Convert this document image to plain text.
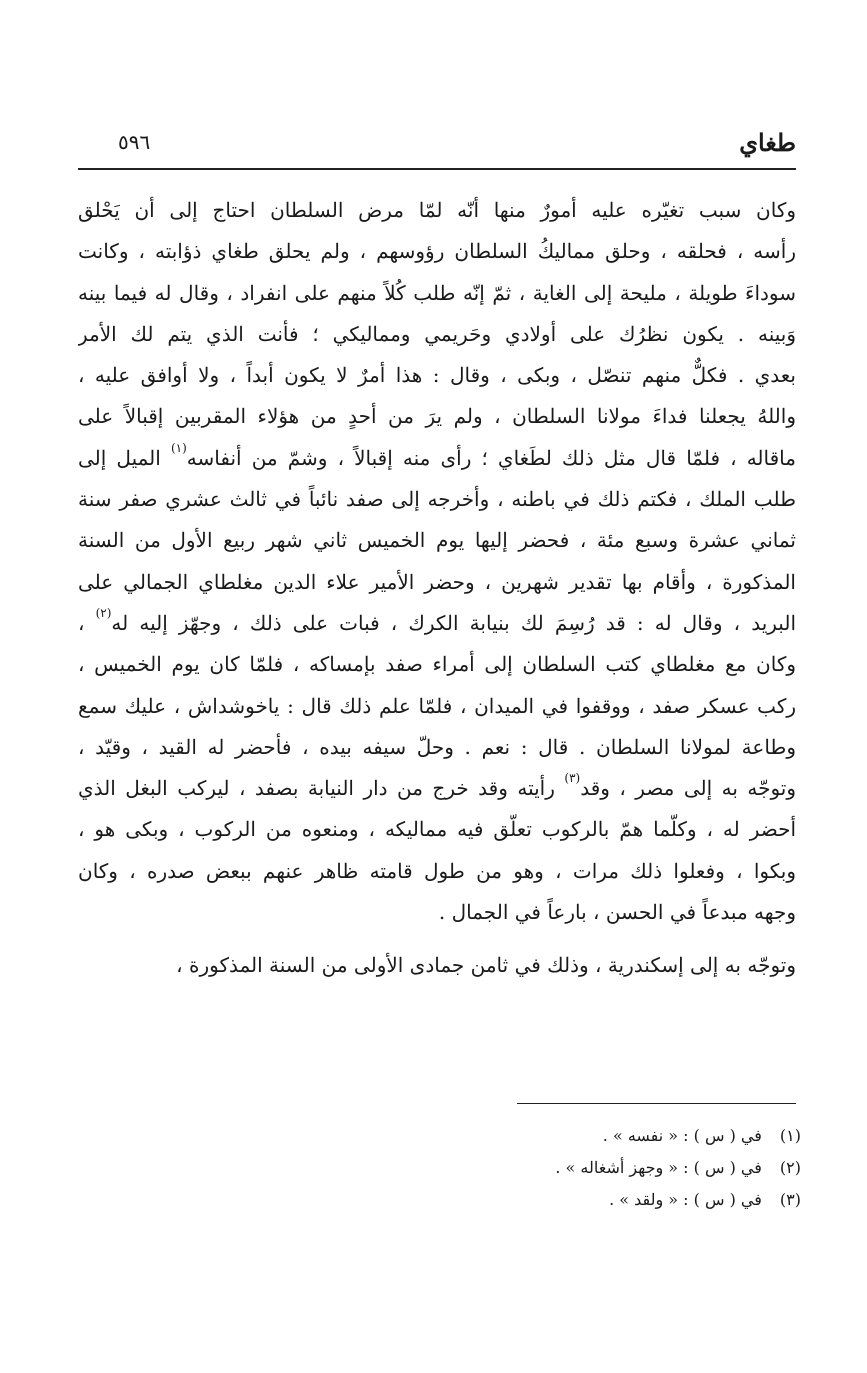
طغاي
٥٩٦
وكان سبب تغيّره عليه أمورٌ منها أنّه لمّا مرض السلطان احتاج إلى أن يَحْلق
رأسه ، فحلقه ، وحلق مماليكُ السلطان رؤوسهم ، ولم يحلق طغاي ذؤابته ، وكانت
سوداءَ طويلة ، مليحة إلى الغاية ، ثمّ إنّه طلب كُلاً منهم على انفراد ، وقال له فيما بينه
وَبينه . يكون نظرُك على أولادي وحَريمي ومماليكي ؛ فأنت الذي يتم لك الأمر
بعدي . فكلٌّ منهم تنصّل ، وبكى ، وقال : هذا أمرٌ لا يكون أبداً ، ولا أوافق عليه ،
واللهُ يجعلنا فداءَ مولانا السلطان ، ولم يرَ من أحدٍ من هؤلاء المقربين إقبالاً على
ماقاله ، فلمّا قال مثل ذلك لطَغاي ؛ رأى منه إقبالاً ، وشمّ من أنفاسه$^{(١)}$ الميل إلى
طلب الملك ، فكتم ذلك في باطنه ، وأخرجه إلى صفد نائباً في ثالث عشري صفر سنة
ثماني عشرة وسبع مئة ، فحضر إليها يوم الخميس ثاني شهر ربيع الأول من السنة
المذكورة ، وأقام بها تقدير شهرين ، وحضر الأمير علاء الدين مغلطاي الجمالي على
البريد ، وقال له : قد رُسِمَ لك بنيابة الكرك ، فبات على ذلك ، وجهّز إليه له$^{(٢)}$ ،
وكان مع مغلطاي كتب السلطان إلى أمراء صفد بإمساكه ، فلمّا كان يوم الخميس ،
ركب عسكر صفد ، ووقفوا في الميدان ، فلمّا علم ذلك قال : ياخوشداش ، عليك سمع
وطاعة لمولانا السلطان . قال : نعم . وحلّ سيفه بيده ، فأحضر له القيد ، وقيّد ،
وتوجّه به إلى مصر ، وقد$^{(٣)}$ رأيته وقد خرج من دار النيابة بصفد ، ليركب البغل الذي
أحضر له ، وكلّما همّ بالركوب تعلّق فيه مماليكه ، ومنعوه من الركوب ، وبكى هو ،
وبكوا ، وفعلوا ذلك مرات ، وهو من طول قامته ظاهر عنهم ببعض صدره ، وكان
وجهه مبدعاً في الحسن ، بارعاً في الجمال .
وتوجّه به إلى إسكندرية ، وذلك في ثامن جمادى الأولى من السنة المذكورة ،
(١) في ( س ) : « نفسه » .
(٢) في ( س ) : « وجهز أشغاله » .
(٣) في ( س ) : « ولقد » .
